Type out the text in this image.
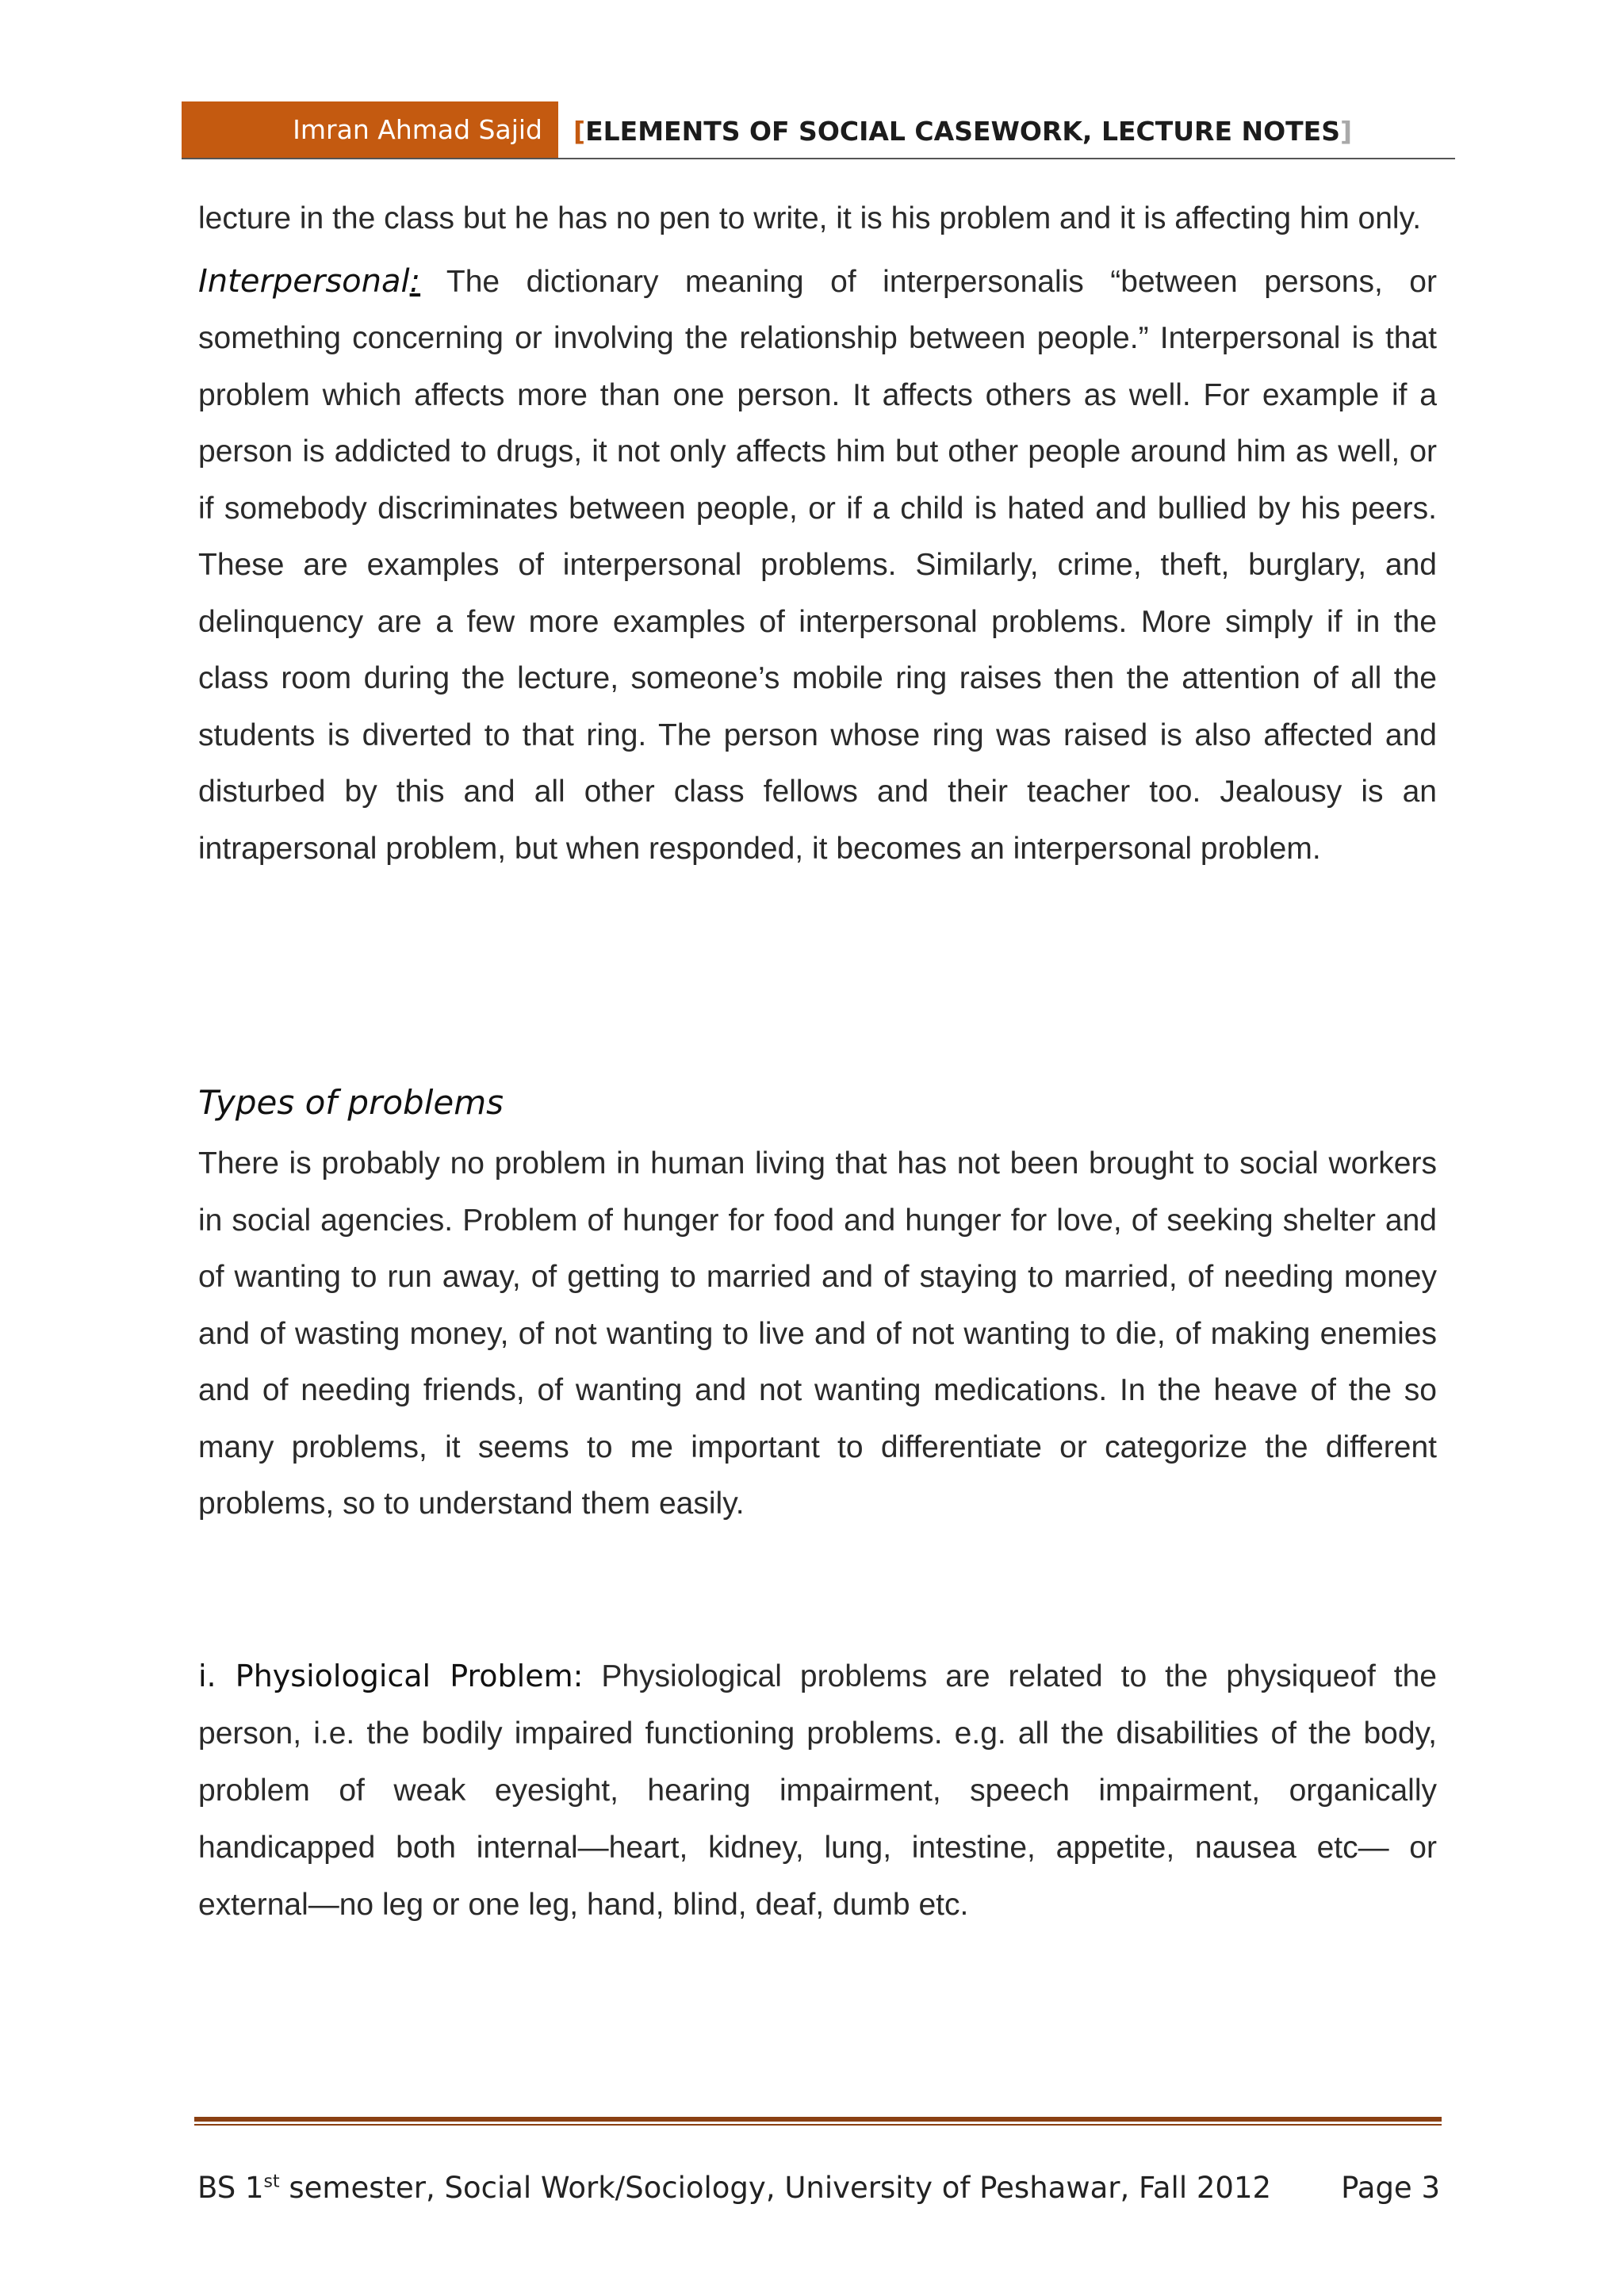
Imran Ahmad Sajid	[ELEMENTS OF SOCIAL CASEWORK, LECTURE NOTES]

lecture in the class but he has no pen to write, it is his problem and it is affecting him only.

Interpersonal: The dictionary meaning of interpersonalis “between persons, or something concerning or involving the relationship between people.” Interpersonal is that problem which affects more than one person. It affects others as well. For example if a person is addicted to drugs, it not only affects him but other people around him as well, or if somebody discriminates between people, or if a child is hated and bullied by his peers. These are examples of interpersonal problems. Similarly, crime, theft, burglary, and delinquency are a few more examples of interpersonal problems. More simply if in the class room during the lecture, someone’s mobile ring raises then the attention of all the students is diverted to that ring. The person whose ring was raised is also affected and disturbed by this and all other class fellows and their teacher too. Jealousy is an intrapersonal problem, but when responded, it becomes an interpersonal problem.

Types of problems

There is probably no problem in human living that has not been brought to social workers in social agencies. Problem of hunger for food and hunger for love, of seeking shelter and of wanting to run away, of getting to married and of staying to married, of needing money and of wasting money, of not wanting to live and of not wanting to die, of making enemies and of needing friends, of wanting and not wanting medications. In the heave of the so many problems, it seems to me important to differentiate or categorize the different problems, so to understand them easily.

i. Physiological Problem: Physiological problems are related to the physiqueof the person, i.e. the bodily impaired functioning problems. e.g. all the disabilities of the body, problem of weak eyesight, hearing impairment, speech impairment, organically handicapped both internal—heart, kidney, lung, intestine, appetite, nausea etc— or external—no leg or one leg, hand, blind, deaf, dumb etc.

BS 1st semester, Social Work/Sociology, University of Peshawar, Fall 2012 Page 3
